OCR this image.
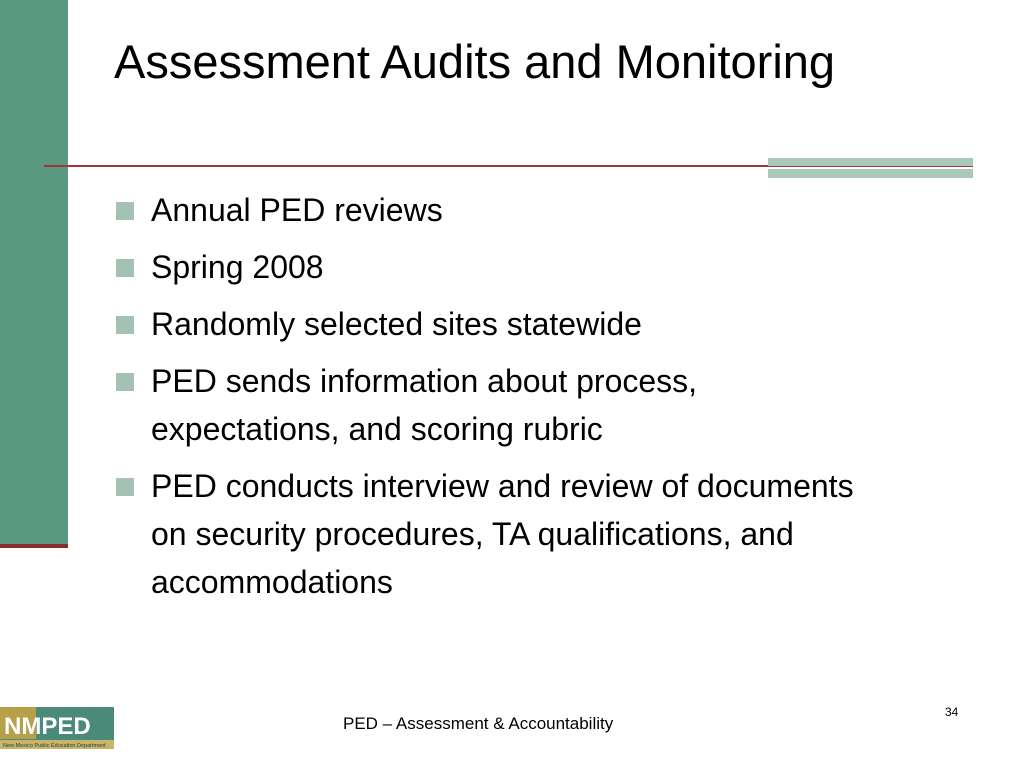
Assessment Audits and Monitoring
Annual PED reviews
Spring 2008
Randomly selected sites statewide
PED sends information about process, expectations, and scoring rubric
PED conducts interview and review of documents on security procedures, TA qualifications, and accommodations
NMPED
New Mexico Public Education Department
PED – Assessment & Accountability
34
